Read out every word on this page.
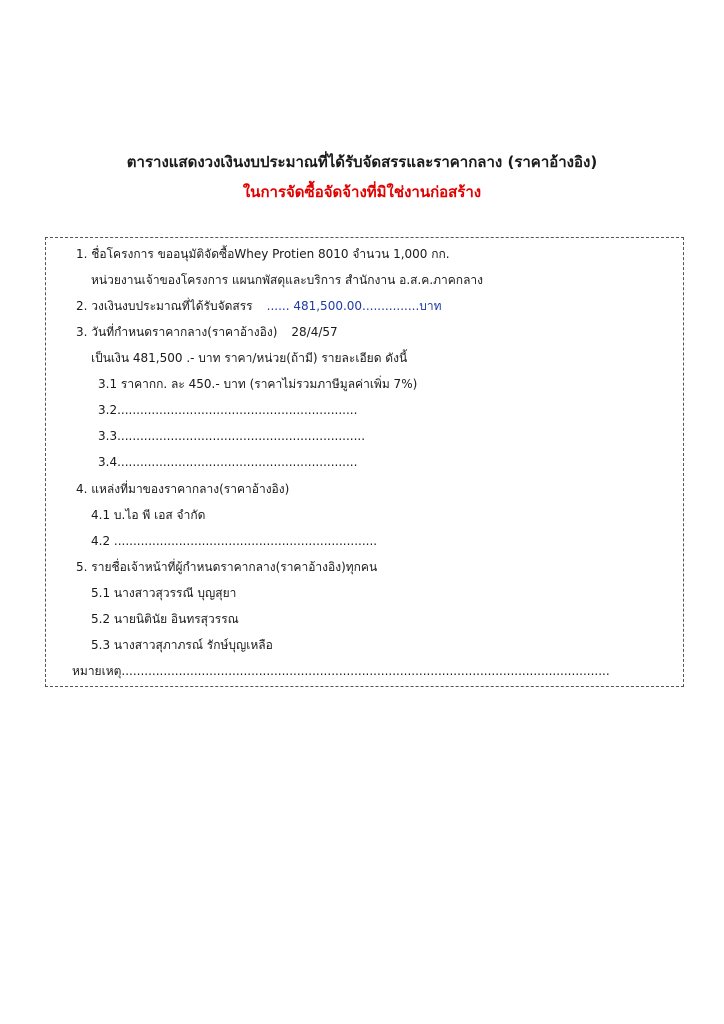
ตารางแสดงวงเงินงบประมาณที่ได้รับจัดสรรและราคากลาง (ราคาอ้างอิง)
ในการจัดซื้อจัดจ้างที่มิใช่งานก่อสร้าง
1. ชื่อโครงการ ขออนุมัติจัดซื้อWhey Protien 8010 จำนวน 1,000 กก.
หน่วยงานเจ้าของโครงการ แผนกพัสดุและบริการ สำนักงาน อ.ส.ค.ภาคกลาง
2. วงเงินงบประมาณที่ได้รับจัดสรร ...... 481,500.00...............บาท
3. วันที่กำหนดราคากลาง(ราคาอ้างอิง) 28/4/57
เป็นเงิน 481,500 .- บาท ราคา/หน่วย(ถ้ามี) รายละเอียด ดังนี้
3.1 ราคากก. ละ 450.- บาท (ราคาไม่รวมภาษีมูลค่าเพิ่ม 7%)
3.2...............................................................
3.3.................................................................
3.4...............................................................
4. แหล่งที่มาของราคากลาง(ราคาอ้างอิง)
4.1 บ.ไอ พี เอส จำกัด
4.2 .....................................................................
5. รายชื่อเจ้าหน้าที่ผู้กำหนดราคากลาง(ราคาอ้างอิง)ทุกคน
5.1 นางสาวสุวรรณี บุญสุยา
5.2 นายนิตินัย อินทรสุวรรณ
5.3 นางสาวสุภาภรณ์ รักษ์บุญเหลือ
หมายเหตุ................................................................................................................................
